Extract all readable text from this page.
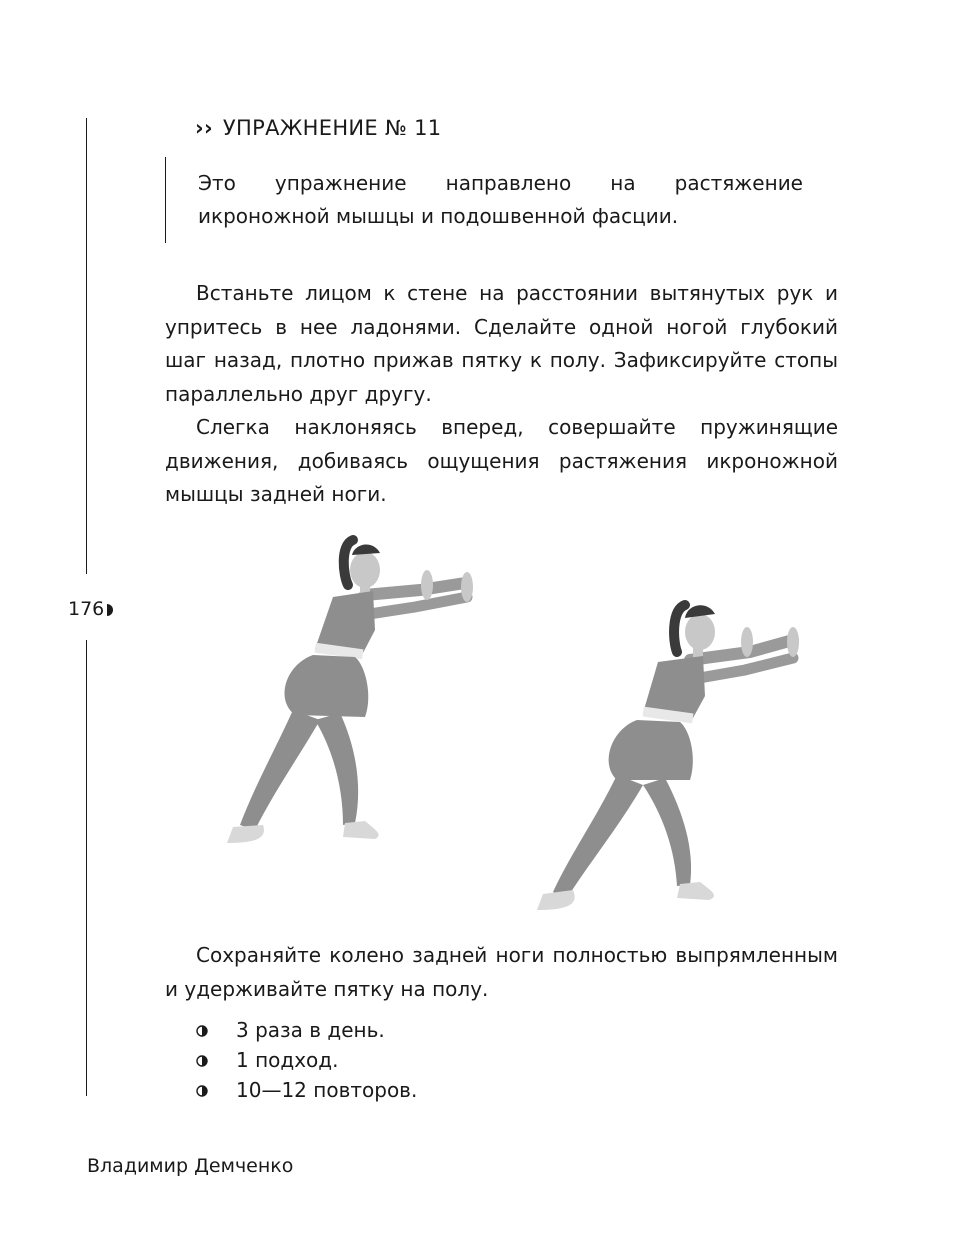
›› УПРАЖНЕНИЕ № 11
Это упражнение направлено на растяжение икроножной мышцы и подошвенной фасции.

Встаньте лицом к стене на расстоянии вытянутых рук и упритесь в нее ладонями. Сделайте одной ногой глубокий шаг назад, плотно прижав пятку к полу. Зафиксируйте стопы параллельно друг другу.

Слегка наклоняясь вперед, совершайте пружинящие движения, добиваясь ощущения растяжения икроножной мышцы задней ноги.

176

Сохраняйте колено задней ноги полностью выпрямленным и удерживайте пятку на полу.

3 раза в день.
1 подход.
10—12 повторов.
Владимир Демченко
